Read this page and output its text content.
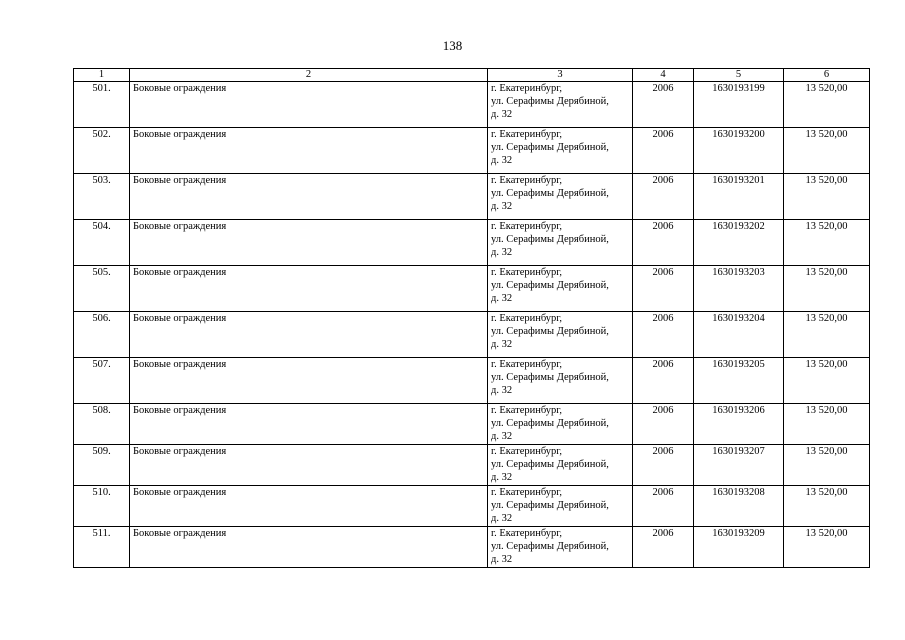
138
1	2	3	4	5	6
501.	Боковые ограждения	г. Екатеринбург,
ул. Серафимы Дерябиной,
д. 32	2006	1630193199	13 520,00
502.	Боковые ограждения	г. Екатеринбург,
ул. Серафимы Дерябиной,
д. 32	2006	1630193200	13 520,00
503.	Боковые ограждения	г. Екатеринбург,
ул. Серафимы Дерябиной,
д. 32	2006	1630193201	13 520,00
504.	Боковые ограждения	г. Екатеринбург,
ул. Серафимы Дерябиной,
д. 32	2006	1630193202	13 520,00
505.	Боковые ограждения	г. Екатеринбург,
ул. Серафимы Дерябиной,
д. 32	2006	1630193203	13 520,00
506.	Боковые ограждения	г. Екатеринбург,
ул. Серафимы Дерябиной,
д. 32	2006	1630193204	13 520,00
507.	Боковые ограждения	г. Екатеринбург,
ул. Серафимы Дерябиной,
д. 32	2006	1630193205	13 520,00
508.	Боковые ограждения	г. Екатеринбург,
ул. Серафимы Дерябиной,
д. 32	2006	1630193206	13 520,00
509.	Боковые ограждения	г. Екатеринбург,
ул. Серафимы Дерябиной,
д. 32	2006	1630193207	13 520,00
510.	Боковые ограждения	г. Екатеринбург,
ул. Серафимы Дерябиной,
д. 32	2006	1630193208	13 520,00
511.	Боковые ограждения	г. Екатеринбург,
ул. Серафимы Дерябиной,
д. 32	2006	1630193209	13 520,00
